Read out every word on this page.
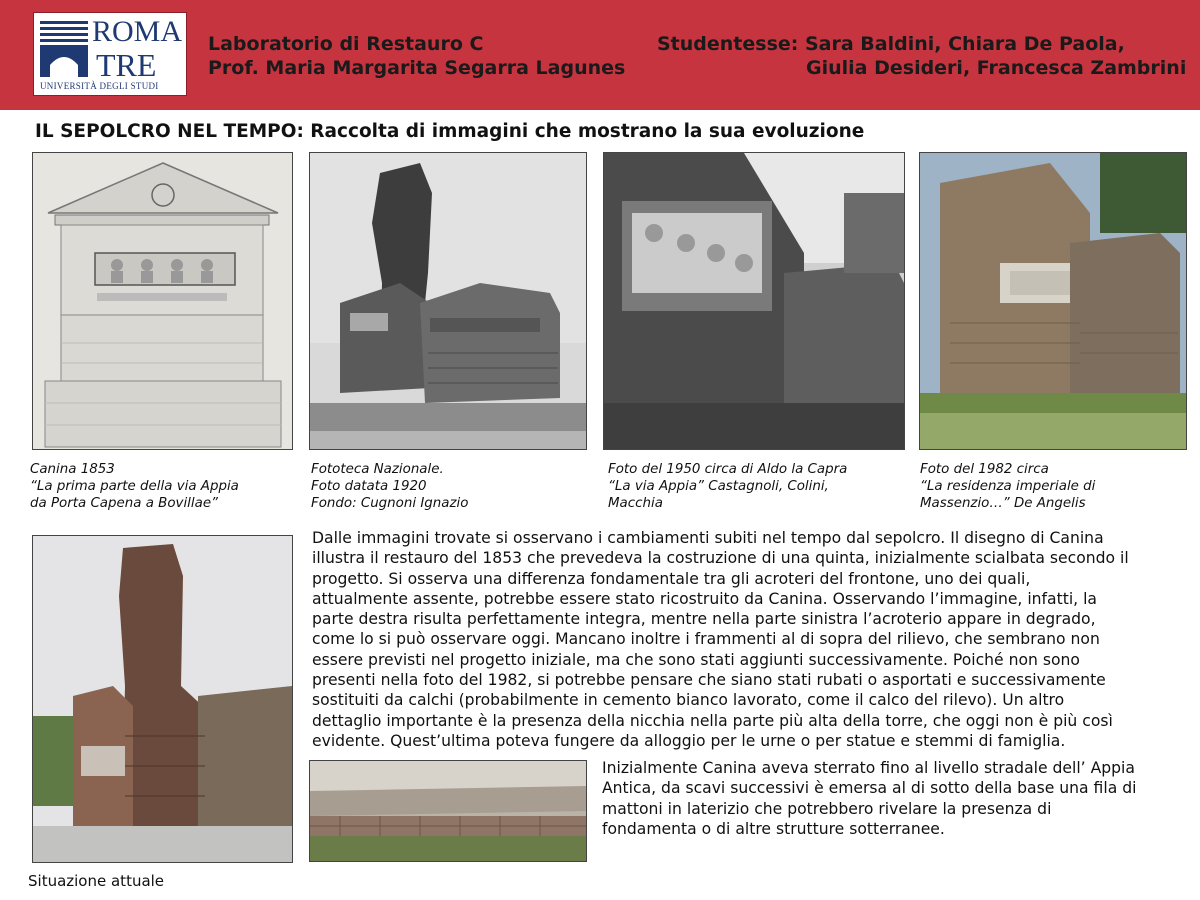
ROMA
TRE
UNIVERSITÀ DEGLI STUDI
Laboratorio di Restauro C
Prof. Maria Margarita Segarra Lagunes
Studentesse: Sara Baldini, Chiara De Paola,
Giulia Desideri, Francesca Zambrini
IL SEPOLCRO NEL TEMPO: Raccolta di immagini che mostrano la sua evoluzione
Canina 1853
“La prima parte della via Appia
da Porta Capena a Bovillae”
Fototeca Nazionale.
Foto datata 1920
Fondo: Cugnoni Ignazio
Foto del 1950 circa di Aldo la Capra
“La via Appia” Castagnoli, Colini,
Macchia
Foto del 1982 circa
“La residenza imperiale di
Massenzio…” De Angelis
Situazione attuale
Dalle immagini trovate si osservano i cambiamenti subiti nel tempo dal sepolcro. Il disegno di Canina
illustra il restauro del 1853 che prevedeva la costruzione di una quinta, inizialmente scialbata secondo il
progetto. Si osserva una differenza fondamentale tra gli acroteri del frontone, uno dei quali,
attualmente assente, potrebbe essere stato ricostruito da Canina. Osservando l’immagine, infatti, la
parte destra risulta perfettamente integra, mentre nella parte sinistra l’acroterio appare in degrado,
come lo si può osservare oggi. Mancano inoltre i frammenti al di sopra del rilievo, che sembrano non
essere previsti nel progetto iniziale, ma che sono stati aggiunti successivamente. Poiché non sono
presenti nella foto del 1982, si potrebbe pensare che siano stati rubati o asportati e successivamente
sostituiti da calchi (probabilmente in cemento bianco lavorato, come il calco del rilevo). Un altro
dettaglio importante è la presenza della nicchia nella parte più alta della torre, che oggi non è più così
evidente. Quest’ultima poteva fungere da alloggio per le urne o per statue e stemmi di famiglia.
Inizialmente Canina aveva sterrato fino al livello stradale dell’ Appia
Antica, da scavi successivi è emersa al di sotto della base una fila di
mattoni in laterizio che potrebbero rivelare la presenza di
fondamenta o di altre strutture sotterranee.
